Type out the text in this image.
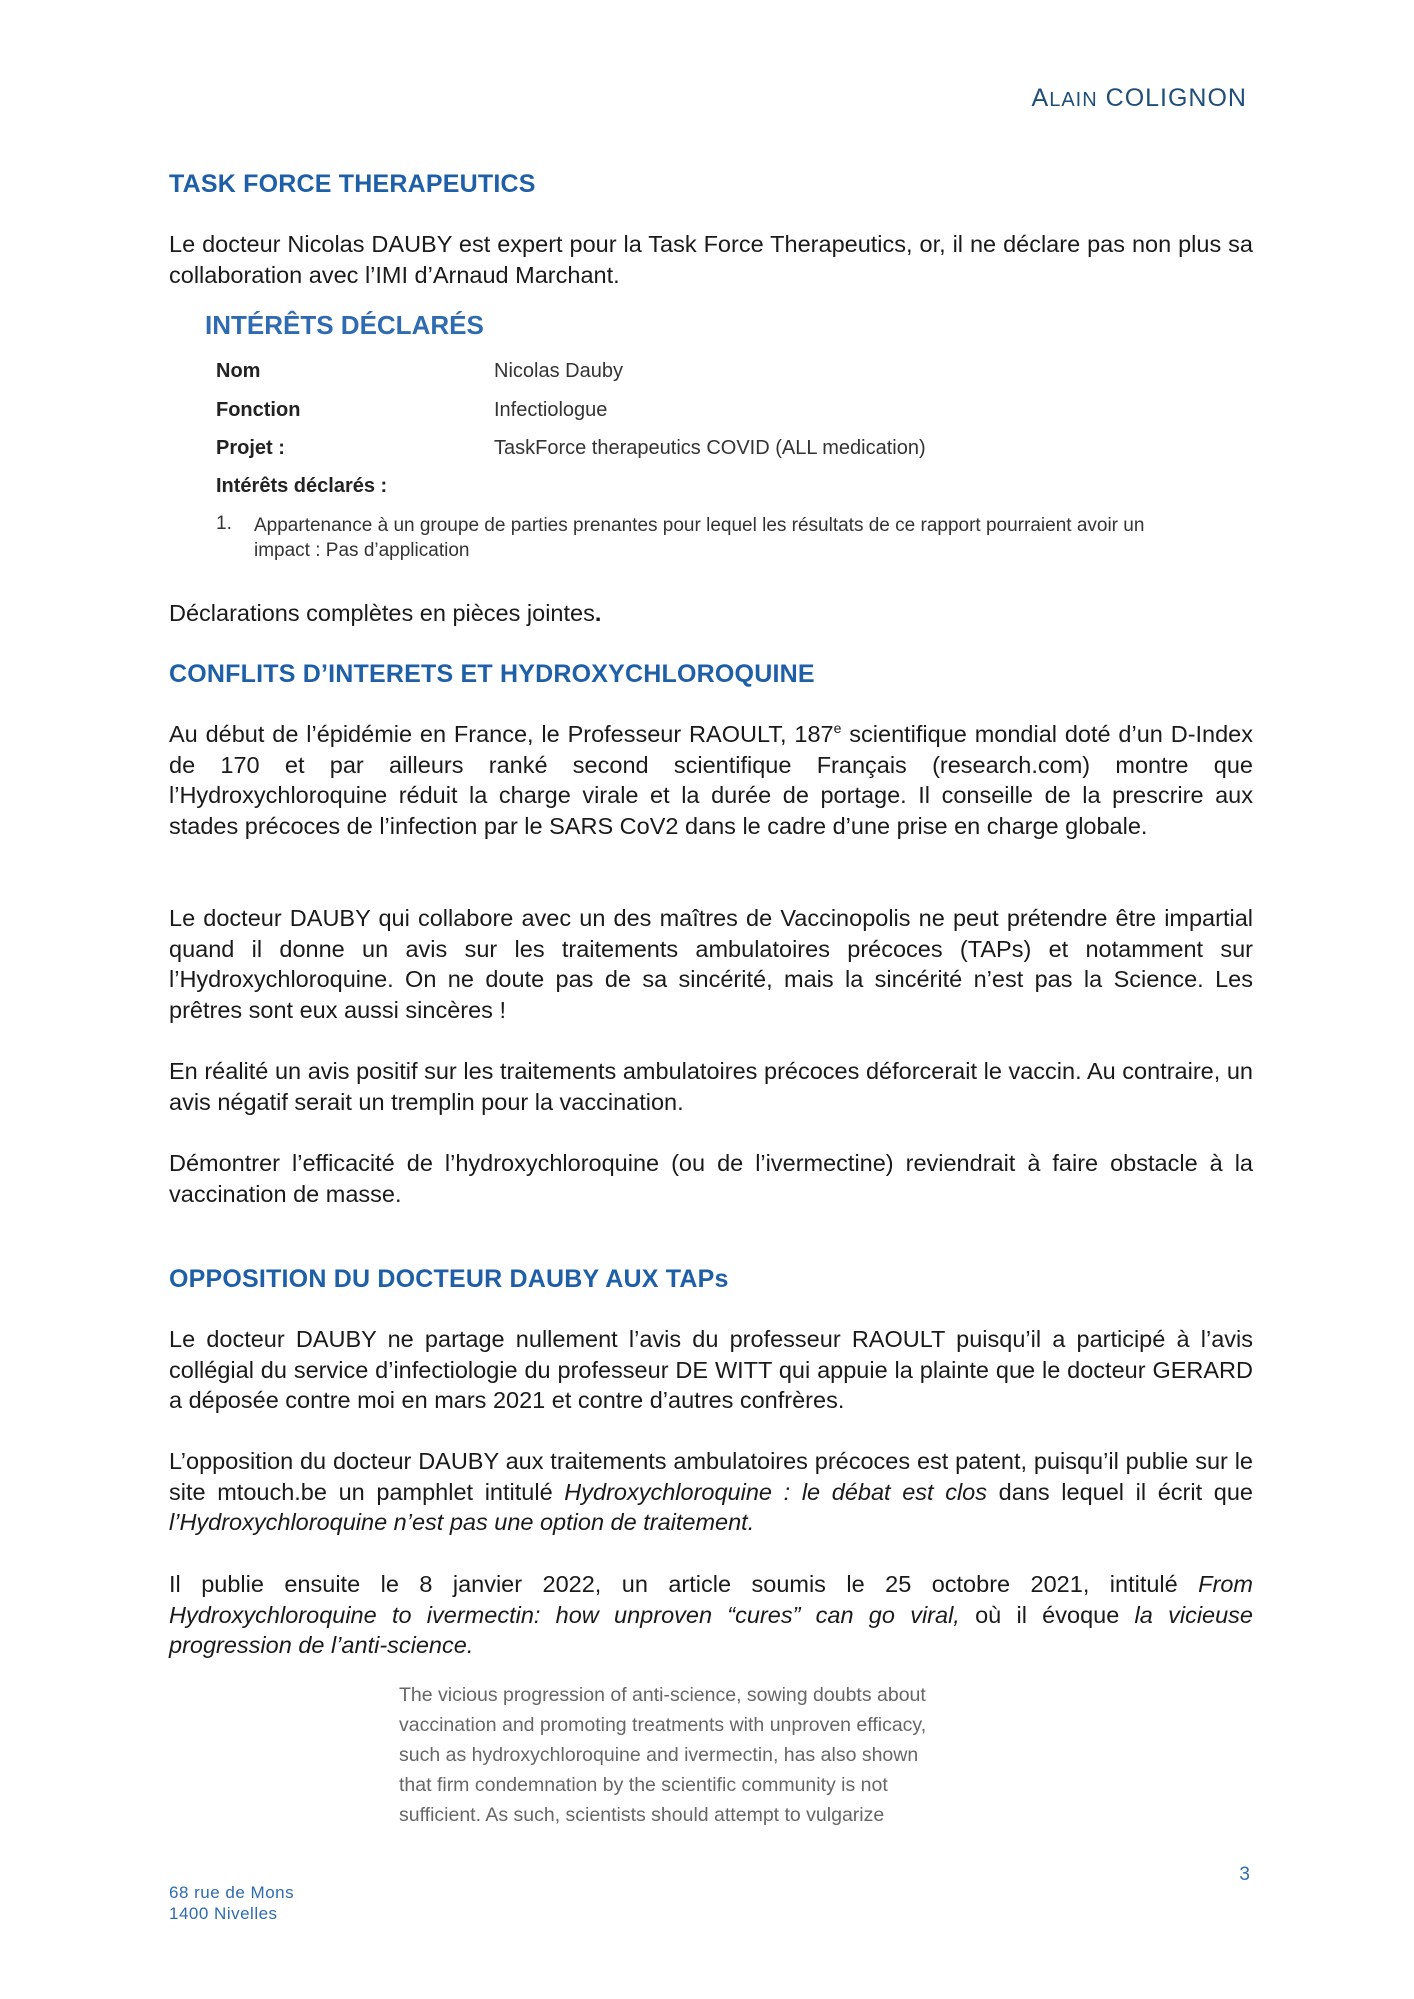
ALAIN COLIGNON
TASK FORCE THERAPEUTICS

Le docteur Nicolas DAUBY est expert pour la Task Force Therapeutics, or, il ne déclare pas non plus sa collaboration avec l’IMI d’Arnaud Marchant.

INTÉRÊTS DÉCLARÉS
Nom	Nicolas Dauby
Fonction	Infectiologue
Projet :	TaskForce therapeutics COVID (ALL medication)
Intérêts déclarés :
1. Appartenance à un groupe de parties prenantes pour lequel les résultats de ce rapport pourraient avoir un impact : Pas d’application

Déclarations complètes en pièces jointes.

CONFLITS D’INTERETS ET HYDROXYCHLOROQUINE

Au début de l’épidémie en France, le Professeur RAOULT, 187e scientifique mondial doté d’un D-Index de 170 et par ailleurs ranké second scientifique Français (research.com) montre que l’Hydroxychloroquine réduit la charge virale et la durée de portage. Il conseille de la prescrire aux stades précoces de l’infection par le SARS CoV2 dans le cadre d’une prise en charge globale.

Le docteur DAUBY qui collabore avec un des maîtres de Vaccinopolis ne peut prétendre être impartial quand il donne un avis sur les traitements ambulatoires précoces (TAPs) et notamment sur l’Hydroxychloroquine. On ne doute pas de sa sincérité, mais la sincérité n’est pas la Science. Les prêtres sont eux aussi sincères !

En réalité un avis positif sur les traitements ambulatoires précoces déforcerait le vaccin. Au contraire, un avis négatif serait un tremplin pour la vaccination.

Démontrer l’efficacité de l’hydroxychloroquine (ou de l’ivermectine) reviendrait à faire obstacle à la vaccination de masse.

OPPOSITION DU DOCTEUR DAUBY AUX TAPs

Le docteur DAUBY ne partage nullement l’avis du professeur RAOULT puisqu’il a participé à l’avis collégial du service d’infectiologie du professeur DE WITT qui appuie la plainte que le docteur GERARD a déposée contre moi en mars 2021 et contre d’autres confrères.

L’opposition du docteur DAUBY aux traitements ambulatoires précoces est patent, puisqu’il publie sur le site mtouch.be un pamphlet intitulé Hydroxychloroquine : le débat est clos dans lequel il écrit que l’Hydroxychloroquine n’est pas une option de traitement.

Il publie ensuite le 8 janvier 2022, un article soumis le 25 octobre 2021, intitulé From Hydroxychloroquine to ivermectin: how unproven “cures” can go viral, où il évoque la vicieuse progression de l’anti-science.

The vicious progression of anti-science, sowing doubts about
vaccination and promoting treatments with unproven efficacy,
such as hydroxychloroquine and ivermectin, has also shown
that firm condemnation by the scientific community is not
sufficient. As such, scientists should attempt to vulgarize
3
68 rue de Mons
1400 Nivelles
